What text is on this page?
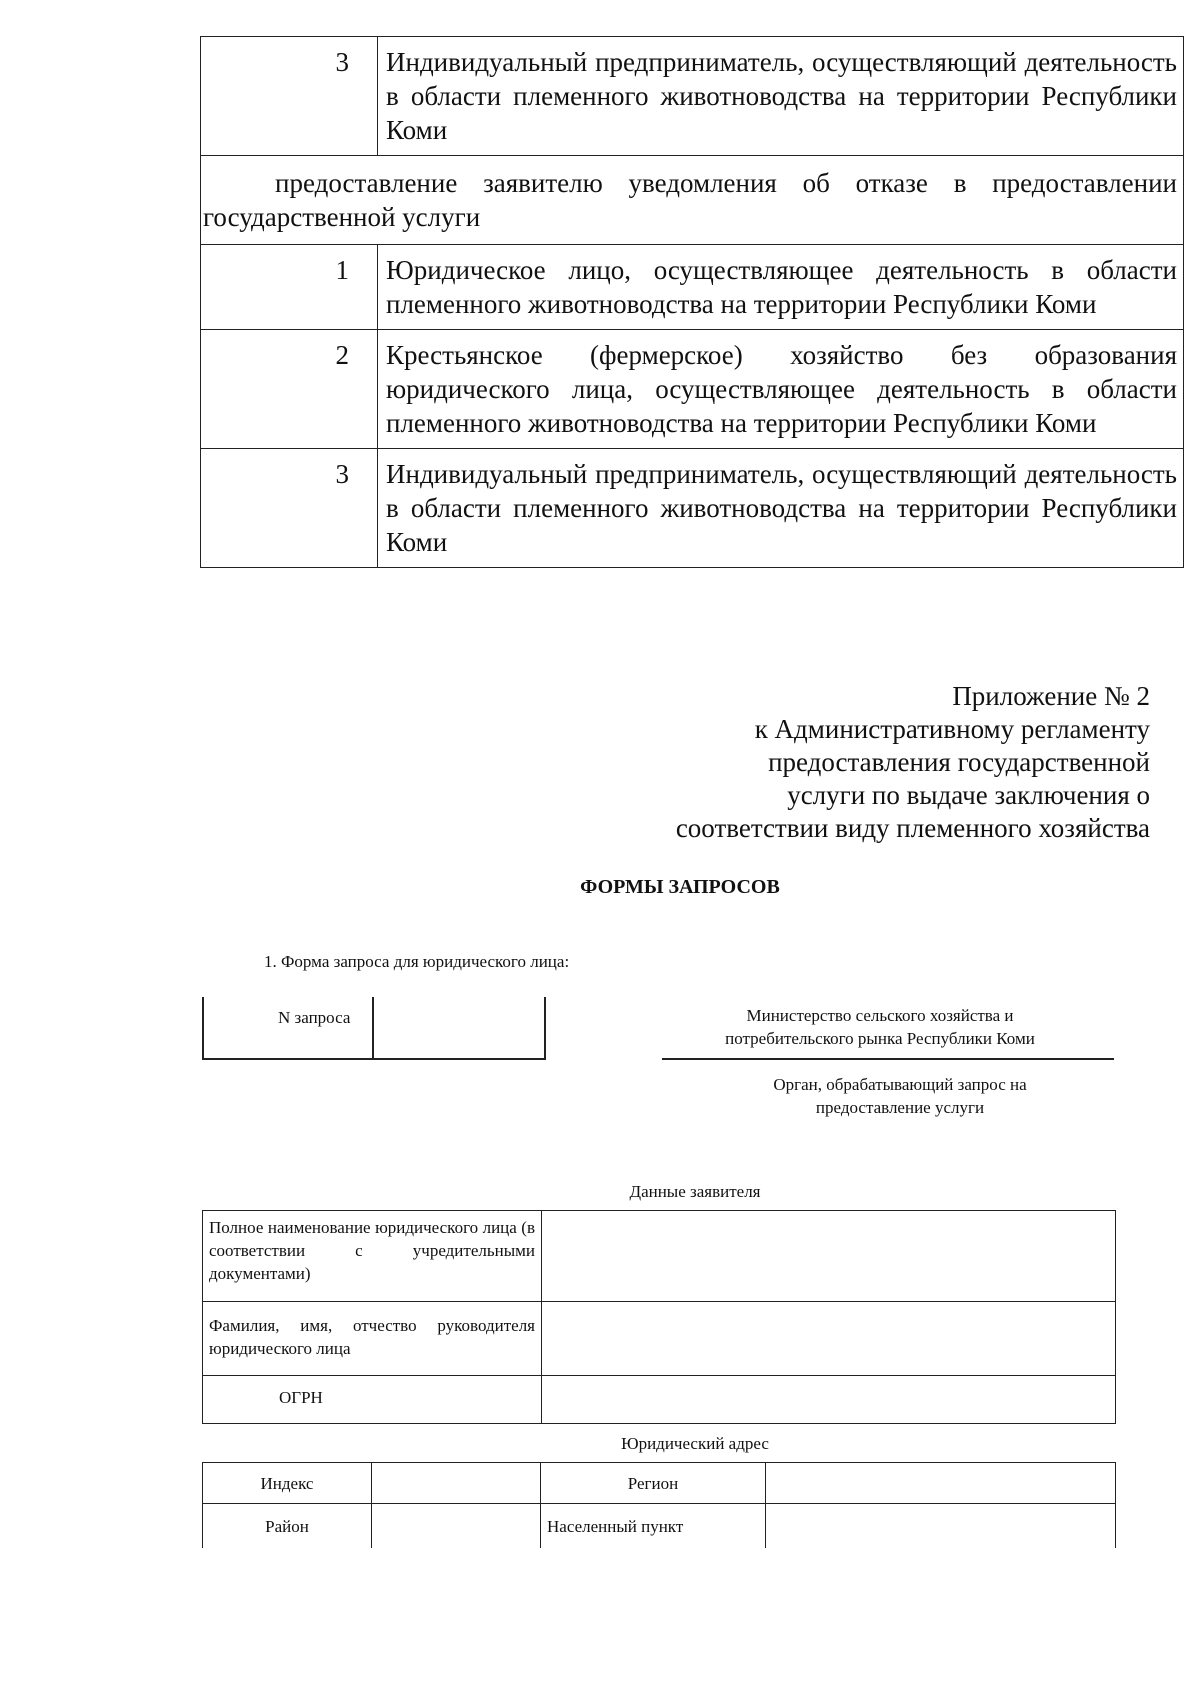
3	Индивидуальный предприниматель, осуществляющий деятельность в области племенного животноводства на территории Республики Коми
предоставление заявителю уведомления об отказе в предоставлении государственной услуги	
1	Юридическое лицо, осуществляющее деятельность в области племенного животноводства на территории Республики Коми
2	Крестьянское (фермерское) хозяйство без образования юридического лица, осуществляющее деятельность в области племенного животноводства на территории Республики Коми
3	Индивидуальный предприниматель, осуществляющий деятельность в области племенного животноводства на территории Республики Коми
Приложение № 2
к Административному регламенту
предоставления государственной
услуги по выдаче заключения о
соответствии виду племенного хозяйства
ФОРМЫ ЗАПРОСОВ
1. Форма запроса для юридического лица:
N запроса	Министерство сельского хозяйства и
потребительского рынка Республики Коми
Орган, обрабатывающий запрос на
предоставление услуги
Данные заявителя
Полное наименование юридического лица (в соответствии с учредительными документами)	
Фамилия, имя, отчество руководителя юридического лица	
ОГРН	
Юридический адрес
Индекс		Регион	
Район		Населенный пункт	
